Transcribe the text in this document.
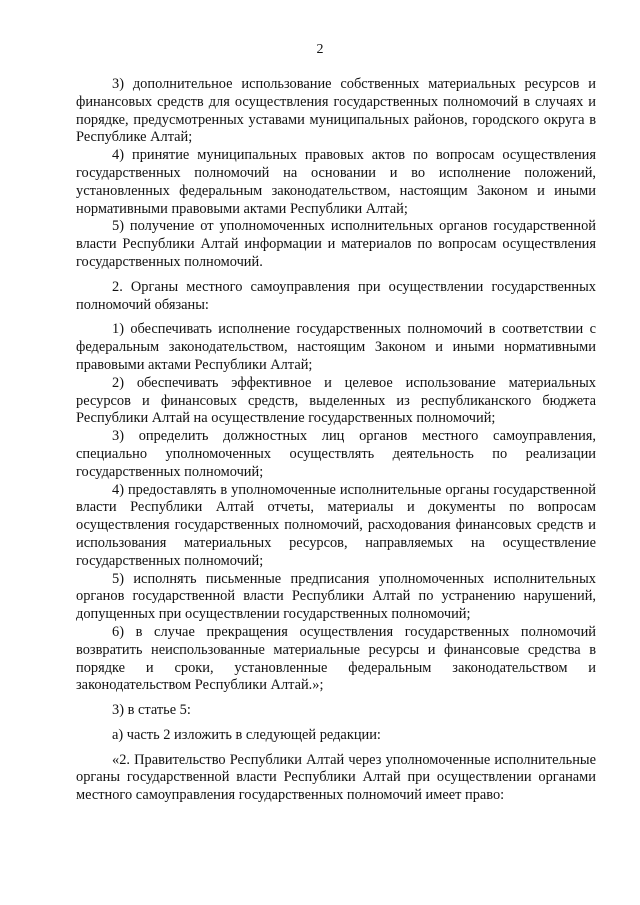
2

3) дополнительное использование собственных материальных ресурсов и финансовых средств для осуществления государственных полномочий в случаях и порядке, предусмотренных уставами муниципальных районов, городского округа в Республике Алтай;

4) принятие муниципальных правовых актов по вопросам осуществления государственных полномочий на основании и во исполнение положений, установленных федеральным законодательством, настоящим Законом и иными нормативными правовыми актами Республики Алтай;

5) получение от уполномоченных исполнительных органов государственной власти Республики Алтай информации и материалов по вопросам осуществления государственных полномочий.

2. Органы местного самоуправления при осуществлении государственных полномочий обязаны:

1) обеспечивать исполнение государственных полномочий в соответствии с федеральным законодательством, настоящим Законом и иными нормативными правовыми актами Республики Алтай;

2) обеспечивать эффективное и целевое использование материальных ресурсов и финансовых средств, выделенных из республиканского бюджета Республики Алтай на осуществление государственных полномочий;

3) определить должностных лиц органов местного самоуправления, специально уполномоченных осуществлять деятельность по реализации государственных полномочий;

4) предоставлять в уполномоченные исполнительные органы государственной власти Республики Алтай отчеты, материалы и документы по вопросам осуществления государственных полномочий, расходования финансовых средств и использования материальных ресурсов, направляемых на осуществление государственных полномочий;

5) исполнять письменные предписания уполномоченных исполнительных органов государственной власти Республики Алтай по устранению нарушений, допущенных при осуществлении государственных полномочий;

6) в случае прекращения осуществления государственных полномочий возвратить неиспользованные материальные ресурсы и финансовые средства в порядке и сроки, установленные федеральным законодательством и законодательством Республики Алтай.»;

3) в статье 5:

а) часть 2 изложить в следующей редакции:

«2. Правительство Республики Алтай через уполномоченные исполнительные органы государственной власти Республики Алтай при осуществлении органами местного самоуправления государственных полномочий имеет право:
